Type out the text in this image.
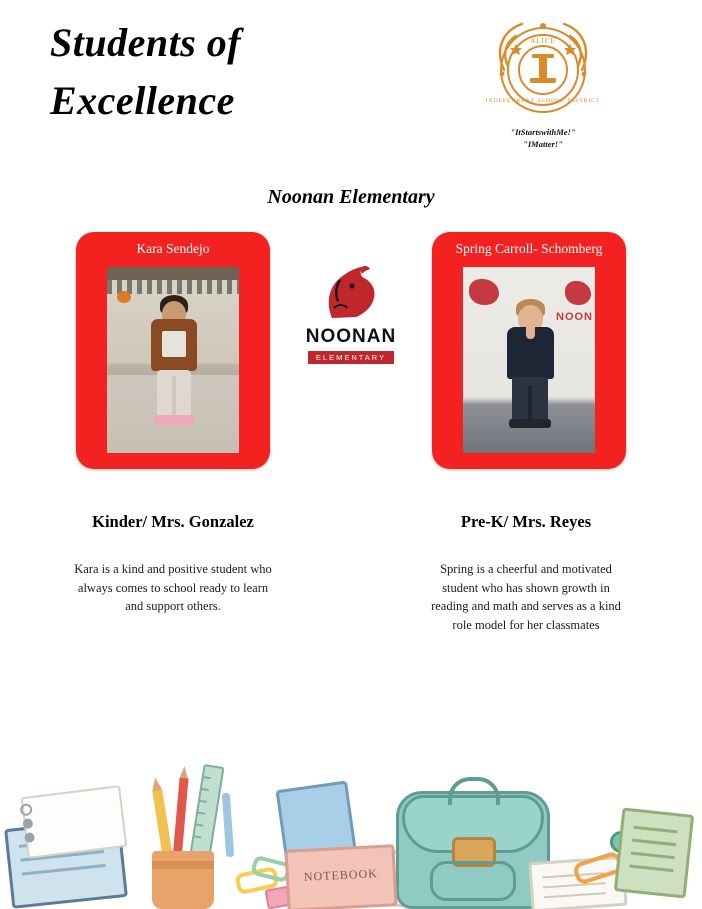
Students of
Excellence
ALICE
INDEPENDENT SCHOOL DISTRICT
"ItStartswithMe!"
"IMatter!"
Noonan Elementary
Kara Sendejo	Spring Carroll- Schomberg
NOON
NOONAN
ELEMENTARY
Kinder/ Mrs. Gonzalez
Kara is a kind and positive student who always comes to school ready to learn and support others.
Pre-K/ Mrs. Reyes
Spring is a cheerful and motivated student who has shown growth in reading and math and serves as a kind role model for her classmates
NOTEBOOK
